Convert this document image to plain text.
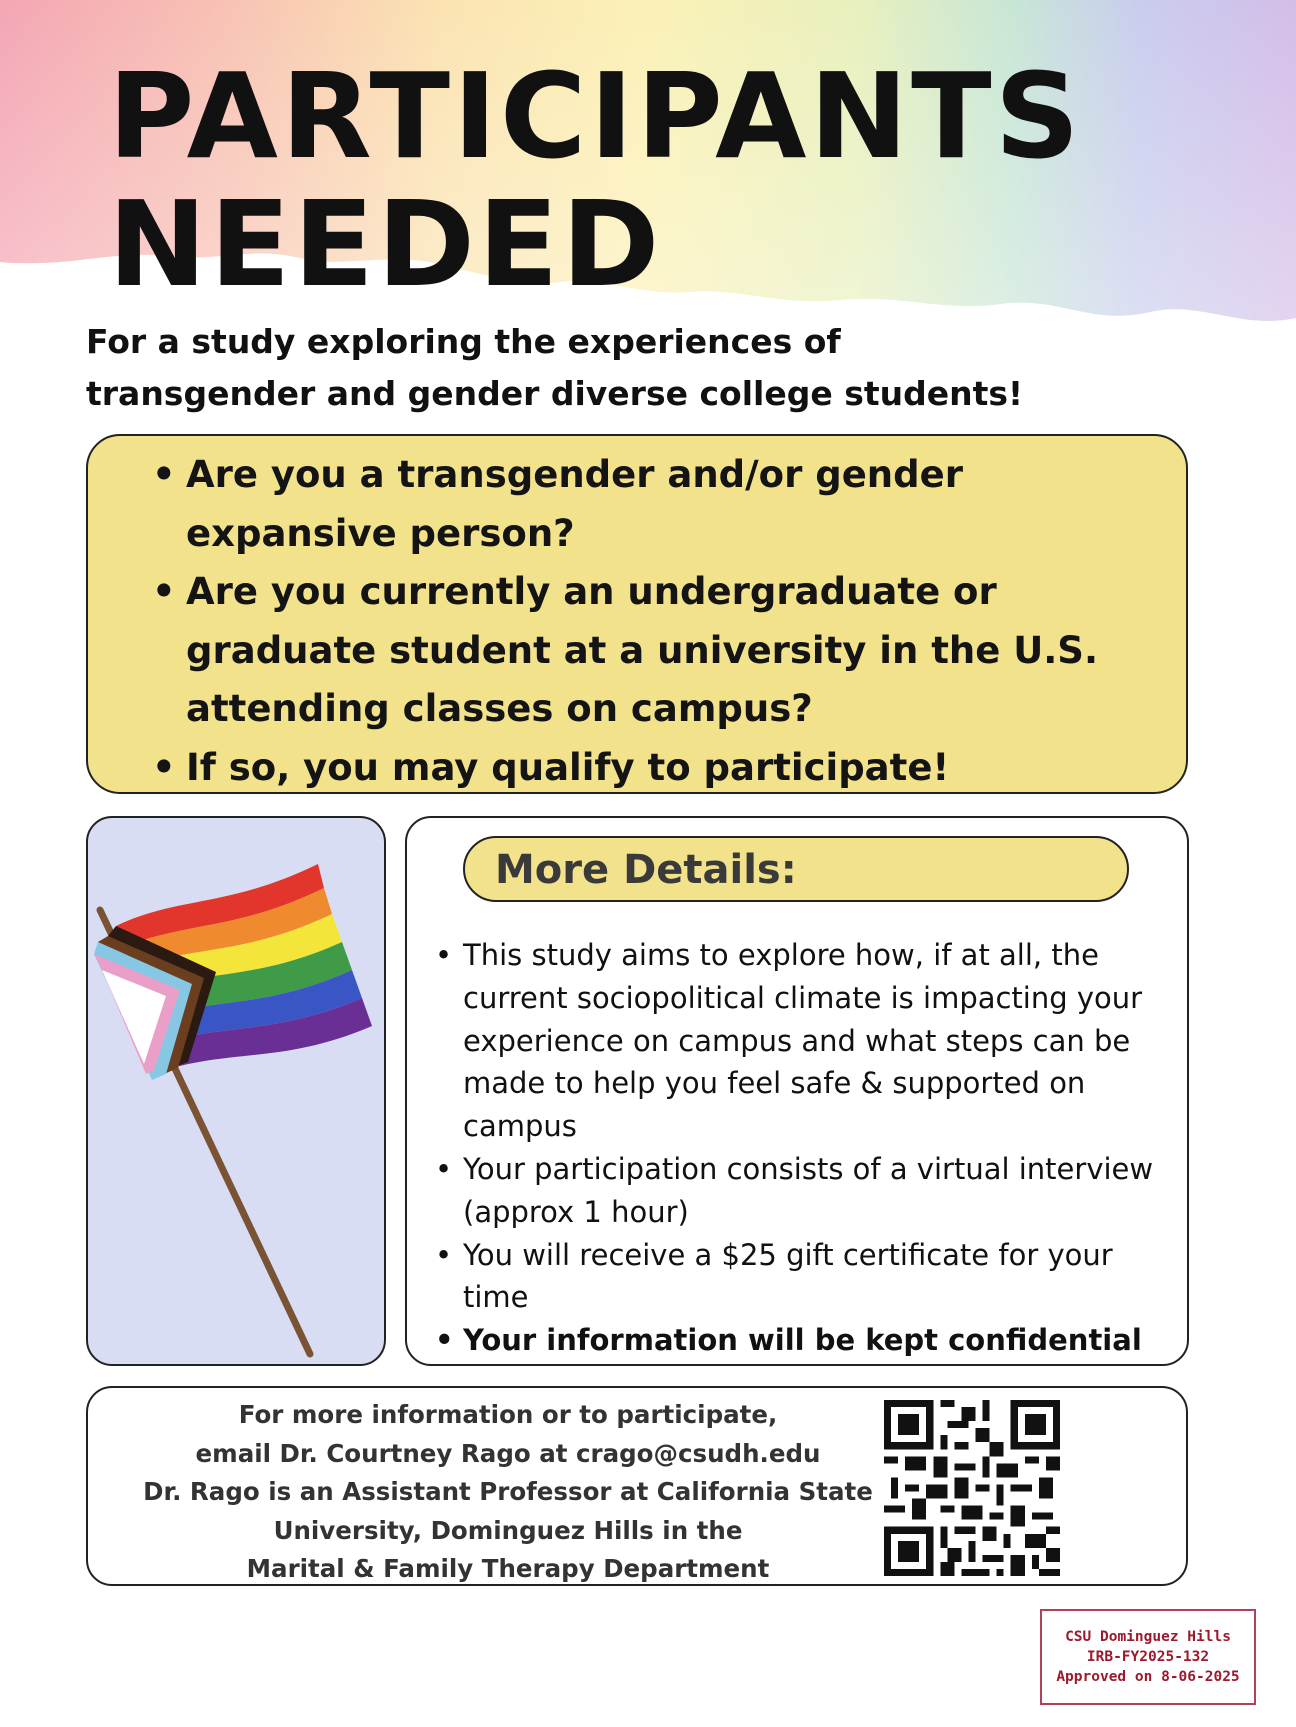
PARTICIPANTS
NEEDED
For a study exploring the experiences of
transgender and gender diverse college students!
• Are you a transgender and/or gender expansive person?
• Are you currently an undergraduate or graduate student at a university in the U.S. attending classes on campus?
• If so, you may qualify to participate!
More Details:
• This study aims to explore how, if at all, the current sociopolitical climate is impacting your experience on campus and what steps can be made to help you feel safe & supported on campus
• Your participation consists of a virtual interview (approx 1 hour)
• You will receive a $25 gift certificate for your time
• Your information will be kept confidential
For more information or to participate,
email Dr. Courtney Rago at crago@csudh.edu
Dr. Rago is an Assistant Professor at California State
University, Dominguez Hills in the
Marital & Family Therapy Department
CSU Dominguez Hills
IRB-FY2025-132
Approved on 8-06-2025
